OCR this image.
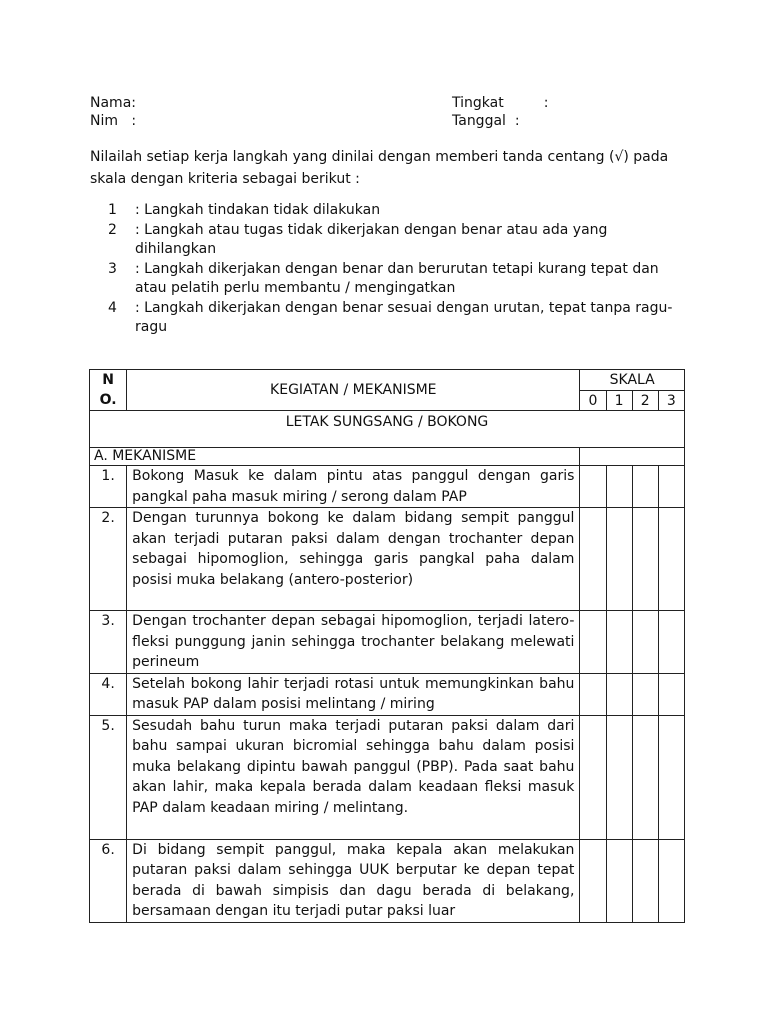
Nama:
Nim   :
Tingkat         :
Tanggal  :
Nilailah setiap kerja langkah yang dinilai dengan memberi tanda centang (√) pada skala dengan kriteria sebagai berikut :
1	: Langkah tindakan tidak dilakukan
2	: Langkah atau tugas tidak dikerjakan dengan benar atau ada yang dihilangkan
3	: Langkah dikerjakan dengan benar dan berurutan tetapi kurang tepat dan atau pelatih perlu membantu / mengingatkan
4	: Langkah dikerjakan dengan benar sesuai dengan urutan, tepat tanpa ragu-ragu
N O.	KEGIATAN / MEKANISME	SKALA			
		0	1	2	3
LETAK SUNGSANG / BOKONG					
A. MEKANISME					
1.	Bokong Masuk ke dalam pintu atas panggul dengan garis pangkal paha masuk miring / serong dalam PAP				
2.	Dengan turunnya bokong ke dalam bidang sempit panggul akan terjadi putaran paksi dalam dengan trochanter depan sebagai hipomoglion, sehingga garis pangkal paha dalam posisi muka belakang (antero-posterior)				
3.	Dengan trochanter depan sebagai hipomoglion, terjadi latero-fleksi punggung janin sehingga trochanter belakang melewati perineum				
4.	Setelah bokong lahir terjadi rotasi untuk memungkinkan bahu masuk PAP dalam posisi melintang / miring				
5.	Sesudah bahu turun maka terjadi putaran paksi dalam dari bahu sampai ukuran bicromial sehingga bahu dalam posisi muka belakang dipintu bawah panggul (PBP). Pada saat bahu akan lahir, maka kepala berada dalam keadaan fleksi masuk PAP dalam keadaan miring / melintang.				
6.	Di bidang sempit panggul, maka kepala akan melakukan putaran paksi dalam sehingga UUK berputar ke depan tepat berada di bawah simpisis dan dagu berada di belakang, bersamaan dengan itu terjadi putar paksi luar				
